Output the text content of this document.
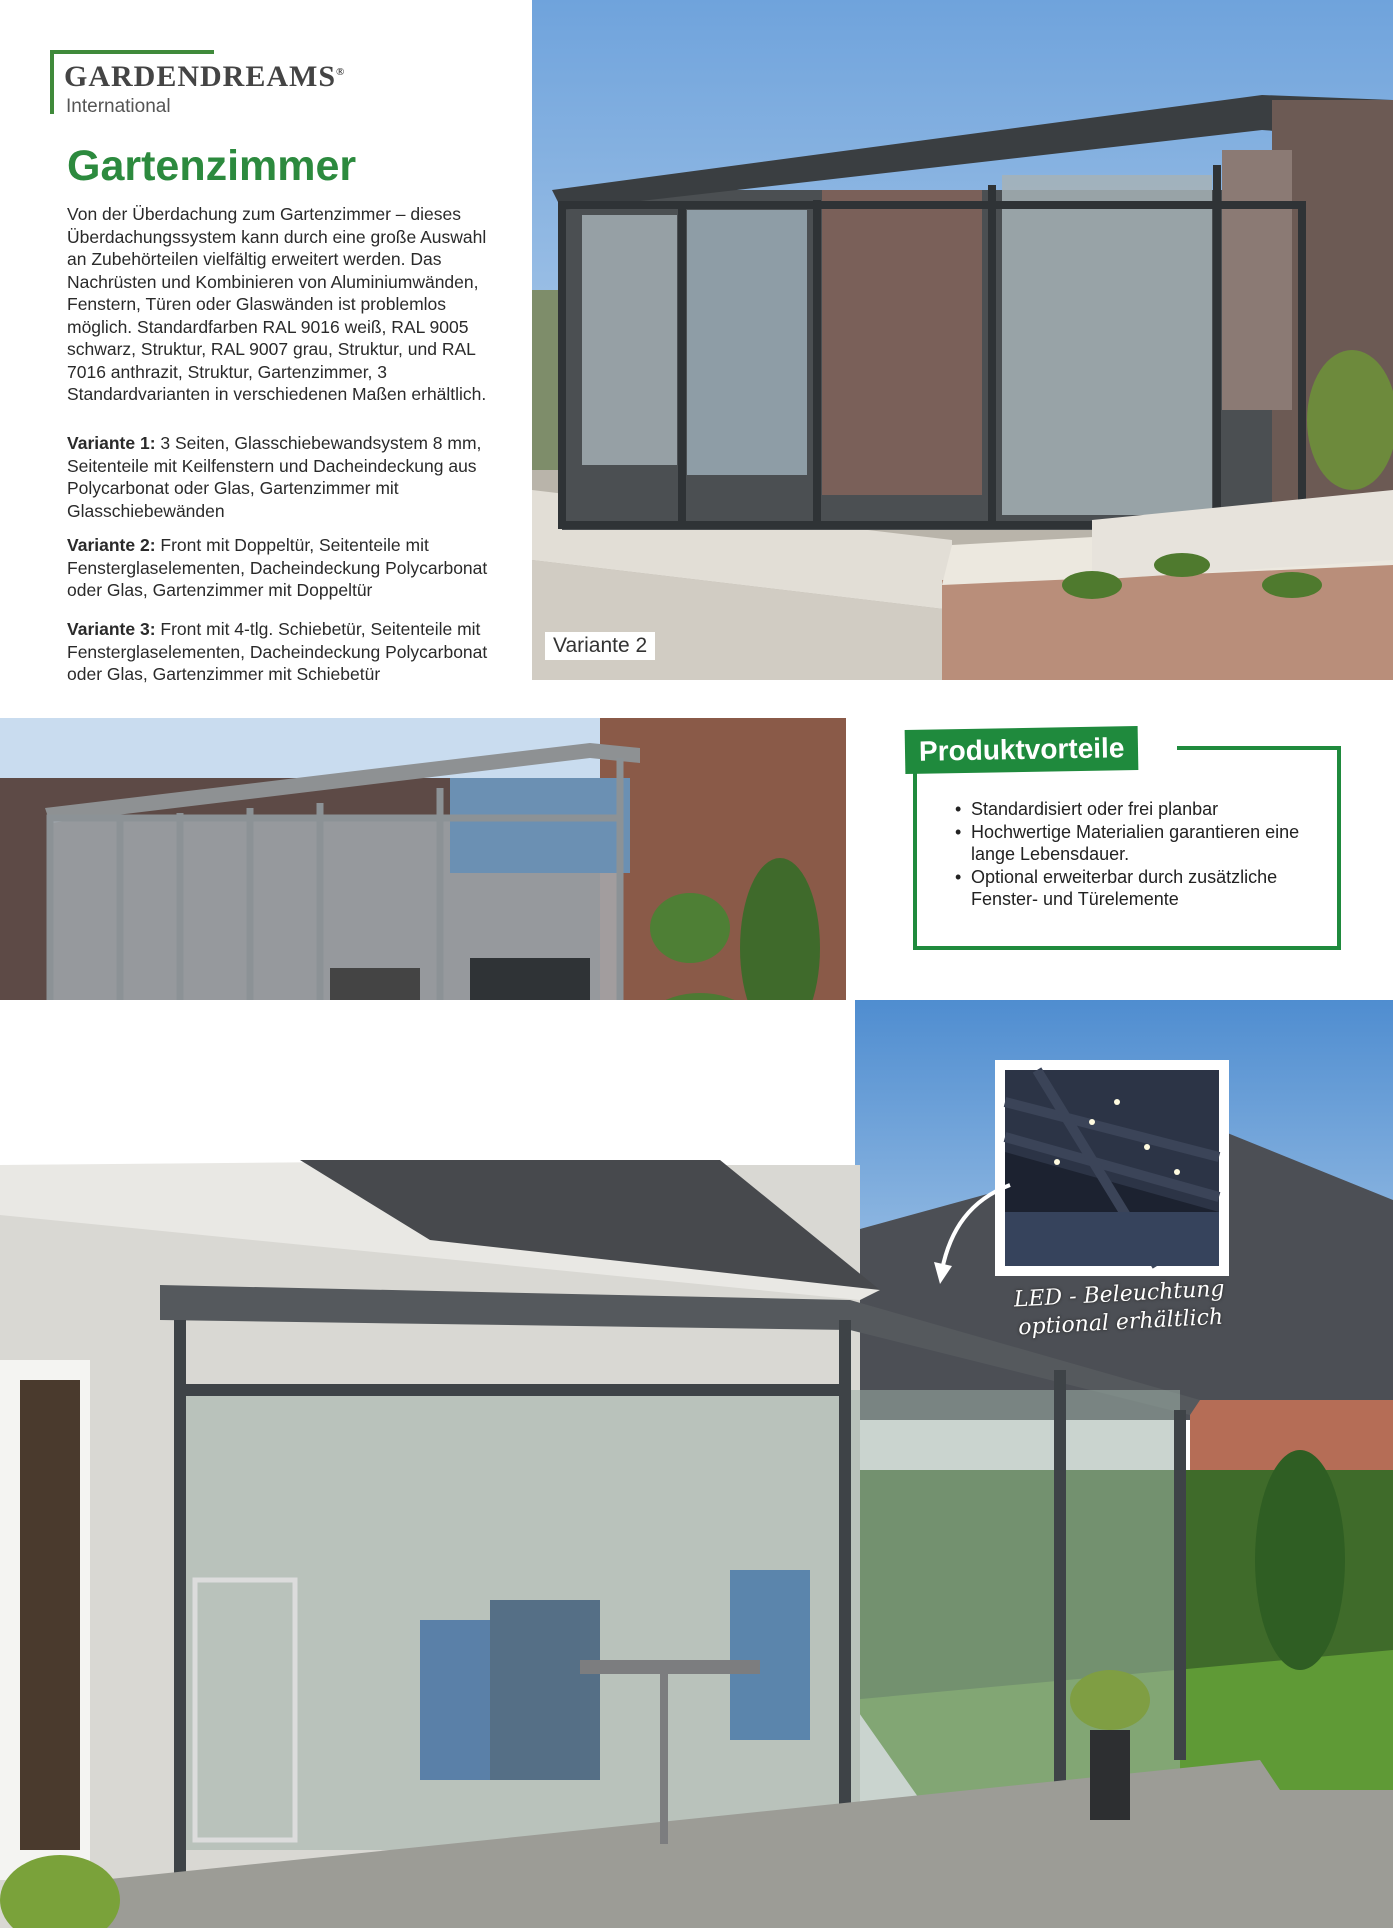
GARDENDREAMS®
International
Gartenzimmer
Von der Überdachung zum Gartenzimmer – dieses Überdachungssystem kann durch eine große Auswahl an Zubehörteilen vielfältig erweitert werden. Das Nachrüsten und Kombinieren von Aluminiumwänden, Fenstern, Türen oder Glaswänden ist problemlos möglich. Standardfarben RAL 9016 weiß, RAL 9005 schwarz, Struktur, RAL 9007 grau, Struktur, und RAL 7016 anthrazit, Struktur, Gartenzimmer, 3 Standardvarianten in verschiedenen Maßen erhältlich.
Variante 1: 3 Seiten, Glasschiebewandsystem 8 mm, Seitenteile mit Keilfenstern und Dacheindeckung aus Polycarbonat oder Glas, Gartenzimmer mit Glasschiebewänden
Variante 2: Front mit Doppeltür, Seitenteile mit Fensterglaselementen, Dacheindeckung Polycarbonat oder Glas, Gartenzimmer mit Doppeltür
Variante 3: Front mit 4-tlg. Schiebetür, Seitenteile mit Fensterglaselementen, Dacheindeckung Polycarbonat oder Glas, Gartenzimmer mit Schiebetür
Variante 2
Produktvorteile
• Standardisiert oder frei planbar
• Hochwertige Materialien garantieren eine lange Lebensdauer.
• Optional erweiterbar durch zusätzliche Fenster- und Türelemente
LED - Beleuchtung
optional erhältlich
